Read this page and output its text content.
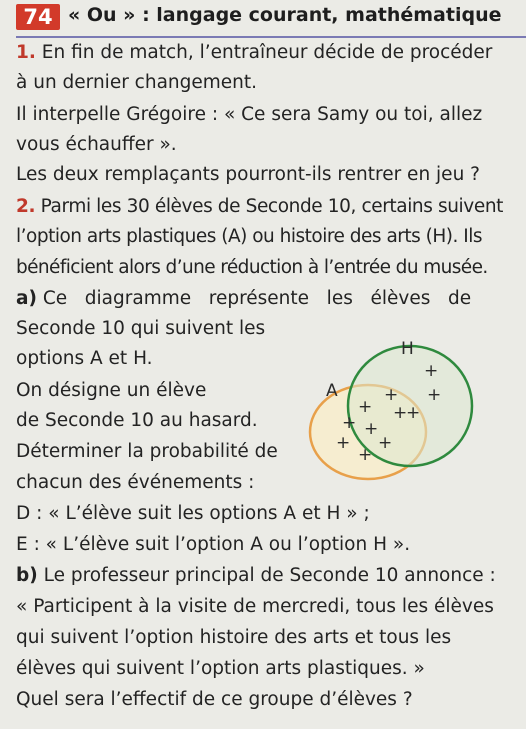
74 « Ou » : langage courant, mathématique
1. En fin de match, l’entraîneur décide de procéder
à un dernier changement.
Il interpelle Grégoire : « Ce sera Samy ou toi, allez
vous échauffer ».
Les deux remplaçants pourront-ils rentrer en jeu ?
2. Parmi les 30 élèves de Seconde 10, certains suivent
l’option arts plastiques (A) ou histoire des arts (H). Ils
bénéficient alors d’une réduction à l’entrée du musée.
a) Ce   diagramme   représente   les   élèves   de
Seconde 10 qui suivent les
options A et H.
On désigne un élève
de Seconde 10 au hasard.
Déterminer la probabilité de
chacun des événements :
D : « L’élève suit les options A et H » ;
E : « L’élève suit l’option A ou l’option H ».
b) Le professeur principal de Seconde 10 annonce :
« Participent à la visite de mercredi, tous les élèves
qui suivent l’option histoire des arts et tous les
élèves qui suivent l’option arts plastiques. »
Quel sera l’effectif de ce groupe d’élèves ?
H
A
+
+
+
+
+
+
+ +
+ +
+
